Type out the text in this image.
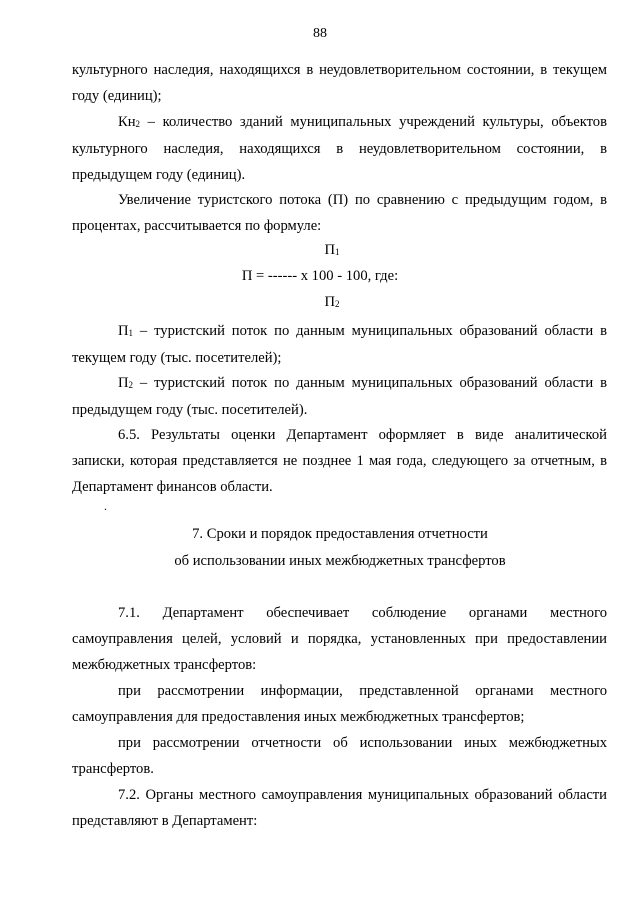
88
культурного наследия, находящихся в неудовлетворительном состоянии, в текущем году (единиц);
$Кн_2$ – количество зданий муниципальных учреждений культуры, объектов культурного наследия, находящихся в неудовлетворительном состоянии, в предыдущем году (единиц).
Увеличение туристского потока (П) по сравнению с предыдущим годом, в процентах, рассчитывается по формуле:
$П_1$
П = ------ х 100 - 100, где:
$П_2$
$П_1$ – туристский поток по данным муниципальных образований области в текущем году (тыс. посетителей);
$П_2$ – туристский поток по данным муниципальных образований области в предыдущем году (тыс. посетителей).
6.5. Результаты оценки Департамент оформляет в виде аналитической записки, которая представляется не позднее 1 мая года, следующего за отчетным, в Департамент финансов области.
.
7. Сроки и порядок предоставления отчетности
об использовании иных межбюджетных трансфертов
7.1. Департамент обеспечивает соблюдение органами местного самоуправления целей, условий и порядка, установленных при предоставлении межбюджетных трансфертов:
при рассмотрении информации, представленной органами местного самоуправления для предоставления иных межбюджетных трансфертов;
при рассмотрении отчетности об использовании иных межбюджетных трансфертов.
7.2. Органы местного самоуправления муниципальных образований области представляют в Департамент:
